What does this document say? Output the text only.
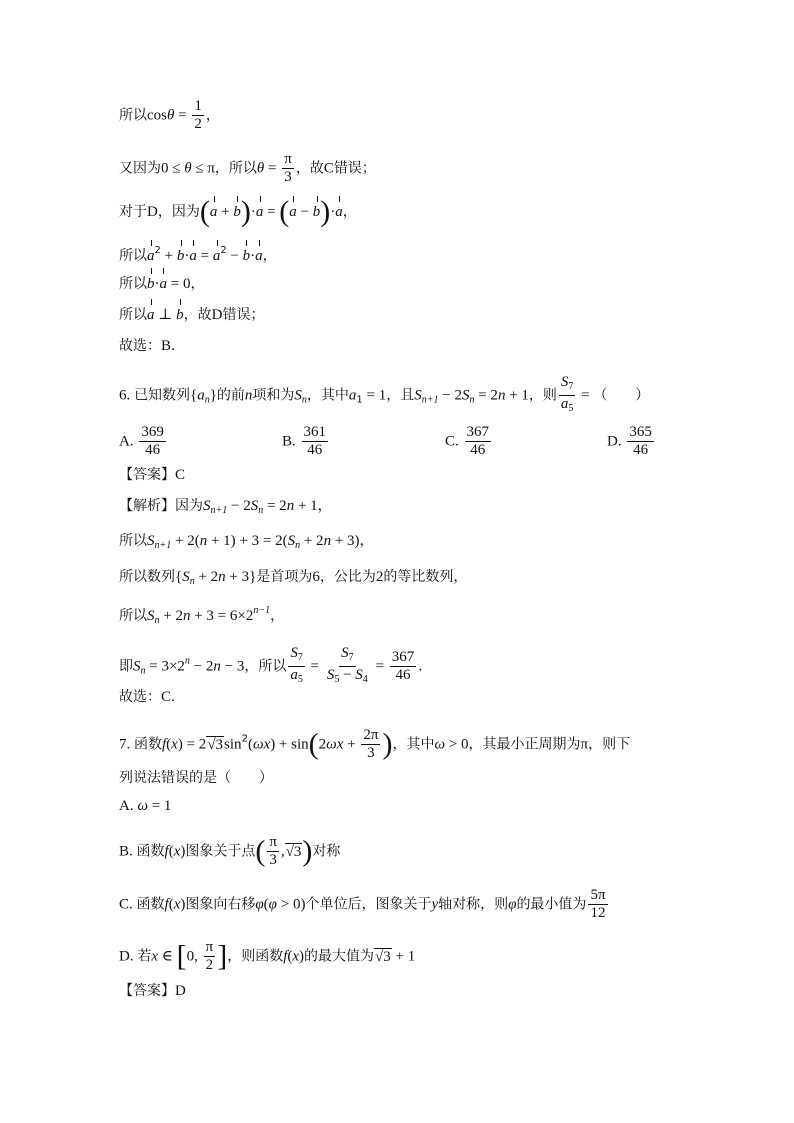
所以$\cos\theta = \frac{1}{2}$ ，
又因为0 ≤ θ ≤ π，所以$\theta = \frac{\pi}{3}$ ，故C错误；
对于D，因为(a + b)·a = (a − b)·a，
所以$a^2 + b\cdot a = a^2 - b\cdot a$，
所以b·a = 0，
所以a ⊥ b，故D错误；
故选：B．
6. 已知数列$\{a_n\}$的前n项和为$S_n$，其中$a_1 = 1$，且$S_{n+1} - 2S_n = 2n + 1$，则 $\frac{S_7}{a_5}$ = （　　）
A. $\frac{369}{46}$	B. $\frac{361}{46}$	C. $\frac{367}{46}$	D. $\frac{365}{46}$
【答案】C
【解析】因为$S_{n+1} - 2S_n = 2n + 1$，
所以$S_{n+1} + 2(n + 1) + 3 = 2(S_n + 2n + 3)$，
所以数列$\{S_n + 2n + 3\}$是首项为6，公比为2的等比数列，
所以$S_n + 2n + 3 = 6\times 2^{n-1}$，
即$S_n = 3\times 2^n - 2n - 3$，所以 $\frac{S_7}{a_5} = \frac{S_7}{S_5 - S_4} = \frac{367}{46}$ ．
故选：C.
7. 函数$f(x) = 2√3\sin^2(\omega x) + \sin(2\omega x + \frac{2\pi}{3}$ )，其中ω > 0，其最小正周期为π，则下
列说法错误的是（　　）
A. ω = 1
B. 函数f(x)图象关于点( $\frac{\pi}{3} ,√3$)对称
C. 函数f(x)图象向右移φ(φ > 0)个单位后，图象关于y轴对称，则φ的最小值为 $\frac{5\pi}{12}$
D. 若x ∈ [0, $\frac{\pi}{2}$ ]，则函数f(x)的最大值为√3 + 1
【答案】D
